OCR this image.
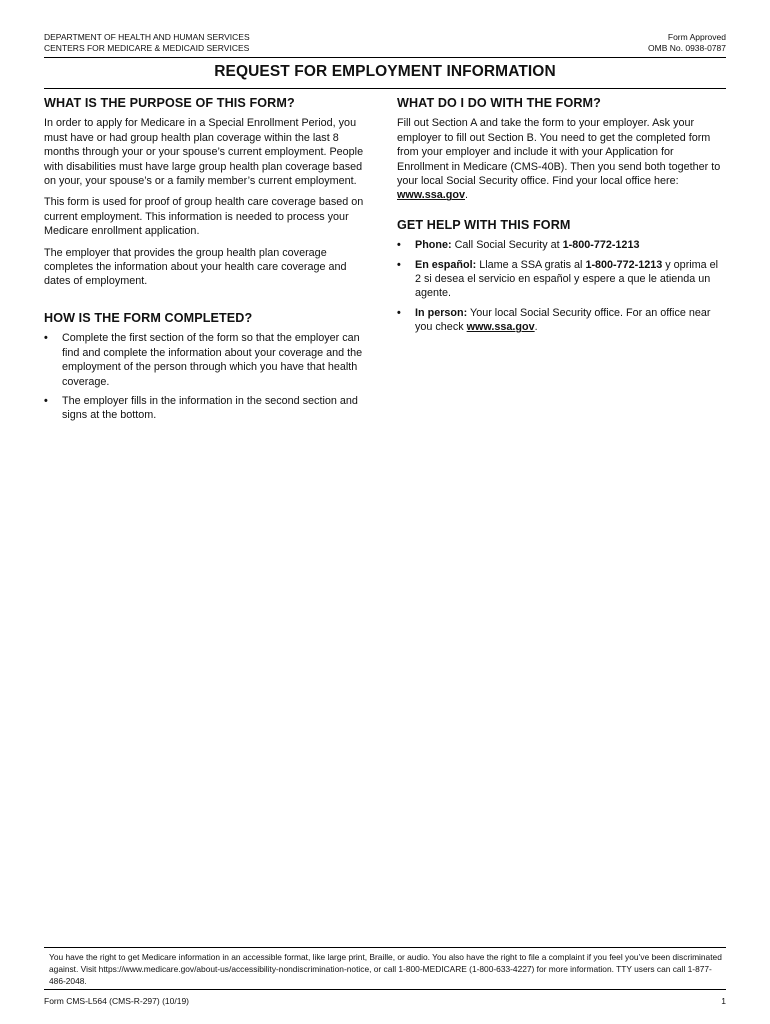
DEPARTMENT OF HEALTH AND HUMAN SERVICES
CENTERS FOR MEDICARE & MEDICAID SERVICES
Form Approved
OMB No. 0938-0787
REQUEST FOR EMPLOYMENT INFORMATION
WHAT IS THE PURPOSE OF THIS FORM?

In order to apply for Medicare in a Special Enrollment Period, you must have or had group health plan coverage within the last 8 months through your or your spouse’s current employment. People with disabilities must have large group health plan coverage based on your, your spouse’s or a family member’s current employment.

This form is used for proof of group health care coverage based on current employment. This information is needed to process your Medicare enrollment application.

The employer that provides the group health plan coverage completes the information about your health care coverage and dates of employment.

HOW IS THE FORM COMPLETED?
• Complete the first section of the form so that the employer can find and complete the information about your coverage and the employment of the person through which you have that health coverage.
• The employer fills in the information in the second section and signs at the bottom.
WHAT DO I DO WITH THE FORM?

Fill out Section A and take the form to your employer. Ask your employer to fill out Section B. You need to get the completed form from your employer and include it with your Application for Enrollment in Medicare (CMS-40B). Then you send both together to your local Social Security office. Find your local office here: www.ssa.gov.

GET HELP WITH THIS FORM
• Phone: Call Social Security at 1-800-772-1213
• En español: Llame a SSA gratis al 1-800-772-1213 y oprima el 2 si desea el servicio en español y espere a que le atienda un agente.
• In person: Your local Social Security office. For an office near you check www.ssa.gov.
You have the right to get Medicare information in an accessible format, like large print, Braille, or audio. You also have the right to file a complaint if you feel you’ve been discriminated against. Visit https://www.medicare.gov/about-us/accessibility-nondiscrimination-notice, or call 1-800-MEDICARE (1-800-633-4227) for more information. TTY users can call 1-877-486-2048.
Form CMS-L564 (CMS-R-297) (10/19)	1
